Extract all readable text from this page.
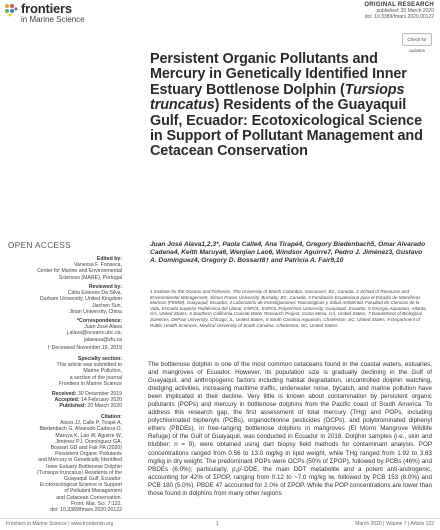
frontiers
in Marine Science
ORIGINAL RESEARCH
published: 20 March 2020
doi: 10.3389/fmars.2020.00122
Check for updates
Persistent Organic Pollutants and Mercury in Genetically Identified Inner Estuary Bottlenose Dolphin (Tursiops truncatus) Residents of the Guayaquil Gulf, Ecuador: Ecotoxicological Science in Support of Pollutant Management and Cetacean Conservation
OPEN ACCESS
Edited by:
Vanessa F. Fonseca,
Center for Marine and Environmental
Sciences (MARE), Portugal
Reviewed by:
Cátia Esteves Da Silva,
Durham University, United Kingdom
Jiachen Sun,
Jinan University, China
*Correspondence:
Juan José Alava
j.alava@oceans.ubc.ca;
jalavasa@sfu.ca
† Deceased November 19, 2019
Specialty section:
This article was submitted to
Marine Pollution,
a section of the journal
Frontiers in Marine Science
Received: 30 December 2019
Accepted: 14 February 2020
Published: 20 March 2020
Citation:
Alava JJ, Calle P, Tirapé A,
Biedenbach G, Alvarado Cadena O,
Maruya K, Lao W, Aguirre W,
Jiménez PJ, Domínguez GA,
Bossart GD and Fair PA (2020)
Persistent Organic Pollutants
and Mercury in Genetically Identified
Inner Estuary Bottlenose Dolphin
(Tursiops truncatus) Residents of the
Guayaquil Gulf, Ecuador:
Ecotoxicological Science in Support
of Pollutant Management
and Cetacean Conservation.
Front. Mar. Sci. 7:122.
doi: 10.3389/fmars.2020.00122
Juan José Alava1,2,3*, Paola Calle4, Ana Tirapé4, Gregory Biedenbach5, Omar Alvarado Cadena4, Keith Maruya6, Wenjian Lao6, Windsor Aguirre7, Pedro J. Jiménez3, Gustavo A. Domínguez4, Gregory D. Bossart8† and Patricia A. Fair9,10
1 Institute for the Oceans and Fisheries, The University of British Columbia, Vancouver, BC, Canada, 2 School of Resource and Environmental Management, Simon Fraser University, Burnaby, BC, Canada, 3 Fundación Ecuatoriana para el Estudio de Mamíferos Marinos (FEMM), Guayaquil, Ecuador, 4 Laboratorio de Investigaciones Toxicológicas y Salud Ambiental, Facultad de Ciencias de la Vida, Escuela Superior Politécnica del Litoral, ESPOL, ESPOL Polytechnic University, Guayaquil, Ecuador, 5 Georgia Aquarium, Atlanta, GA, United States, 6 Southern California Coastal Water Research Project, Costa Mesa, CA, United States, 7 Department of Biological Sciences, DePaul University, Chicago, IL, United States, 8 South Carolina Aquarium, Charleston, SC, United States, 9 Department of Public Health Sciences, Medical University of South Carolina, Charleston, SC, United States
The bottlenose dolphin is one of the most common cetaceans found in the coastal waters, estuaries, and mangroves of Ecuador. However, its population size is gradually declining in the Gulf of Guayaquil, and anthropogenic factors including habitat degradation, uncontrolled dolphin watching, dredging activities, increasing maritime traffic, underwater noise, bycatch, and marine pollution have been implicated in their decline. Very little is known about contamination by persistent organic pollutants (POPs) and mercury in bottlenose dolphins from the Pacific coast of South America. To address this research gap, the first assessment of total mercury (THg) and POPs, including polychlorinated biphenyls (PCBs), organochlorine pesticides (OCPs), and polybrominated diphenyl ethers (PBDEs), in free-ranging bottlenose dolphins in mangroves (El Morro Mangrove Wildlife Refuge) of the Gulf of Guayaquil, was conducted in Ecuador in 2018. Dolphin samples (i.e., skin and blubber; n = 9), were obtained using dart biopsy field methods for contaminant analysis. POP concentrations ranged from 0.56 to 13.0 mg/kg in lipid weight, while THg ranged from 1.92 to 3.63 mg/kg in dry weight. The predominant POPs were OCPs (50% of ΣPOP), followed by PCBs (46%) and PBDEs (6.0%); particularly, p,p′-DDE, the main DDT metabolite and a potent anti-androgenic, accounting for 42% of ΣPOP, ranging from 0.12 to ~7.0 mg/kg lw, followed by PCB 153 (8.0%) and PCB 180 (5.0%). PBDE 47 accounted for 2.0% of ΣPOP. While the POP concentrations are lower than those found in dolphins from many other regions
Frontiers in Marine Science | www.frontiersin.org	1	March 2020 | Volume 7 | Article 122
